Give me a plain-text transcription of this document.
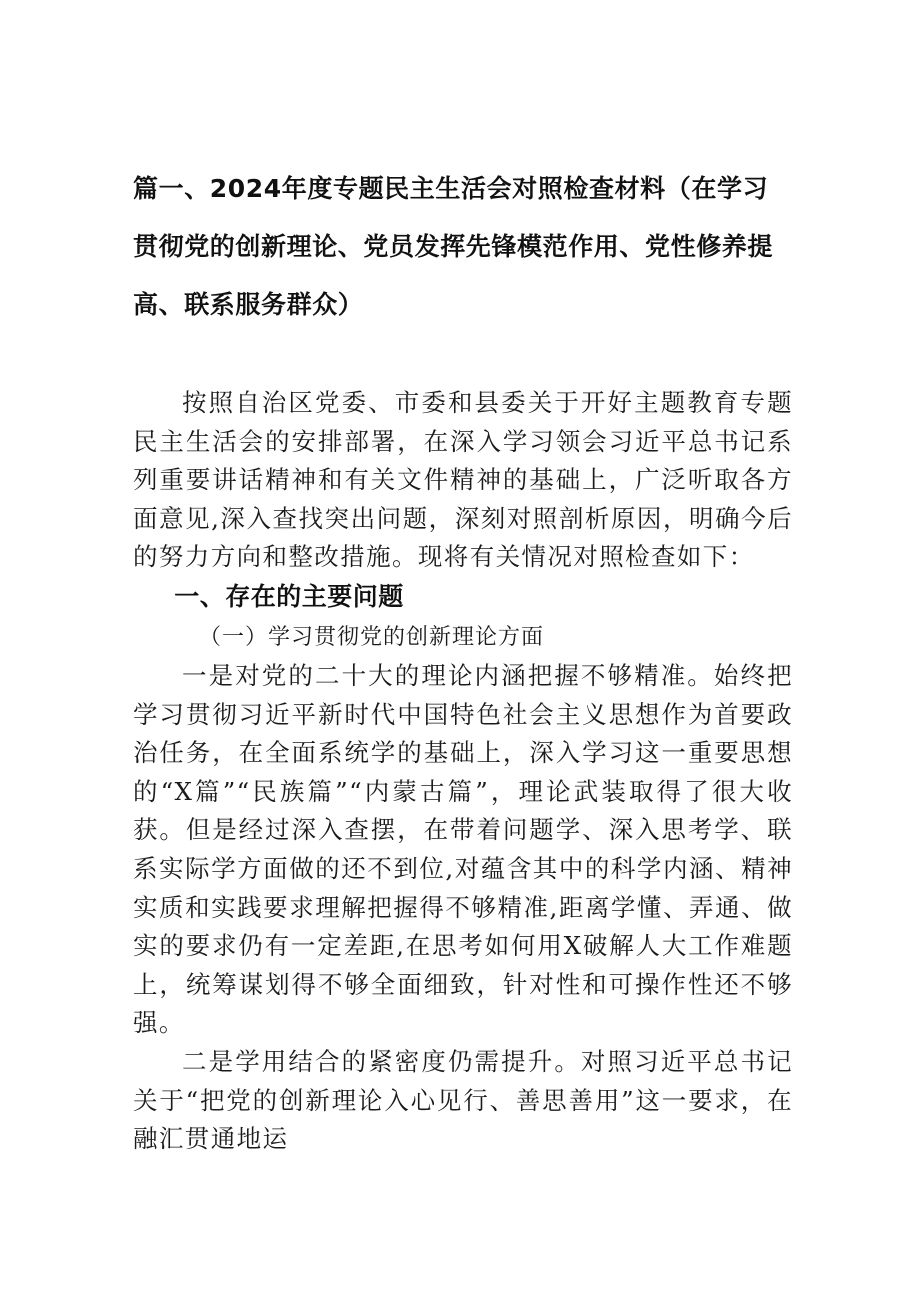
篇一、2024年度专题民主生活会对照检查材料（在学习贯彻党的创新理论、党员发挥先锋模范作用、党性修养提高、联系服务群众）

按照自治区党委、市委和县委关于开好主题教育专题民主生活会的安排部署，在深入学习领会习近平总书记系列重要讲话精神和有关文件精神的基础上，广泛听取各方面意见,深入查找突出问题，深刻对照剖析原因，明确今后的努力方向和整改措施。现将有关情况对照检查如下：

一、存在的主要问题
（一）学习贯彻党的创新理论方面

一是对党的二十大的理论内涵把握不够精准。始终把学习贯彻习近平新时代中国特色社会主义思想作为首要政治任务，在全面系统学的基础上，深入学习这一重要思想的“X篇”“民族篇”“内蒙古篇”，理论武装取得了很大收获。但是经过深入查摆，在带着问题学、深入思考学、联系实际学方面做的还不到位,对蕴含其中的科学内涵、精神实质和实践要求理解把握得不够精准,距离学懂、弄通、做实的要求仍有一定差距,在思考如何用X破解人大工作难题上，统筹谋划得不够全面细致，针对性和可操作性还不够强。

二是学用结合的紧密度仍需提升。对照习近平总书记关于“把党的创新理论入心见行、善思善用”这一要求，在融汇贯通地运
